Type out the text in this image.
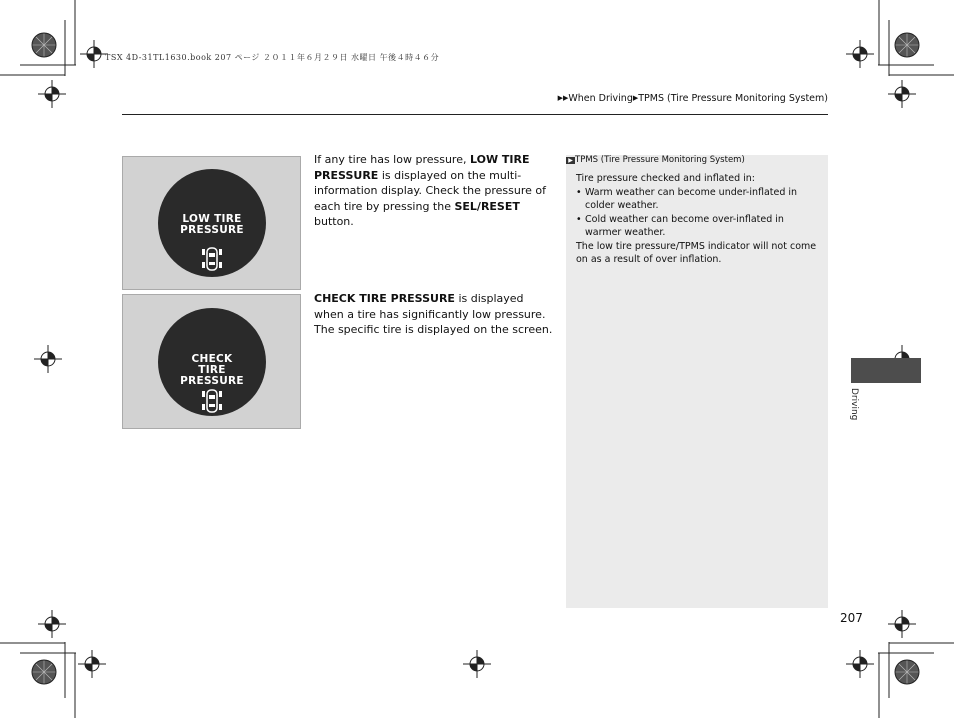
TSX 4D-31TL1630.book 207 ページ ２０１１年６月２９日 水曜日 午後４時４６分
▶▶When Driving▶TPMS (Tire Pressure Monitoring System)
LOW TIRE
PRESSURE
CHECK
TIRE
PRESSURE
If any tire has low pressure, LOW TIRE PRESSURE is displayed on the multi-information display. Check the pressure of each tire by pressing the SEL/RESET button.
CHECK TIRE PRESSURE is displayed when a tire has significantly low pressure. The specific tire is displayed on the screen.
▶ TPMS (Tire Pressure Monitoring System)
Tire pressure checked and inflated in:
• Warm weather can become under-inflated in colder weather.
• Cold weather can become over-inflated in warmer weather.
The low tire pressure/TPMS indicator will not come on as a result of over inflation.
Driving
207
